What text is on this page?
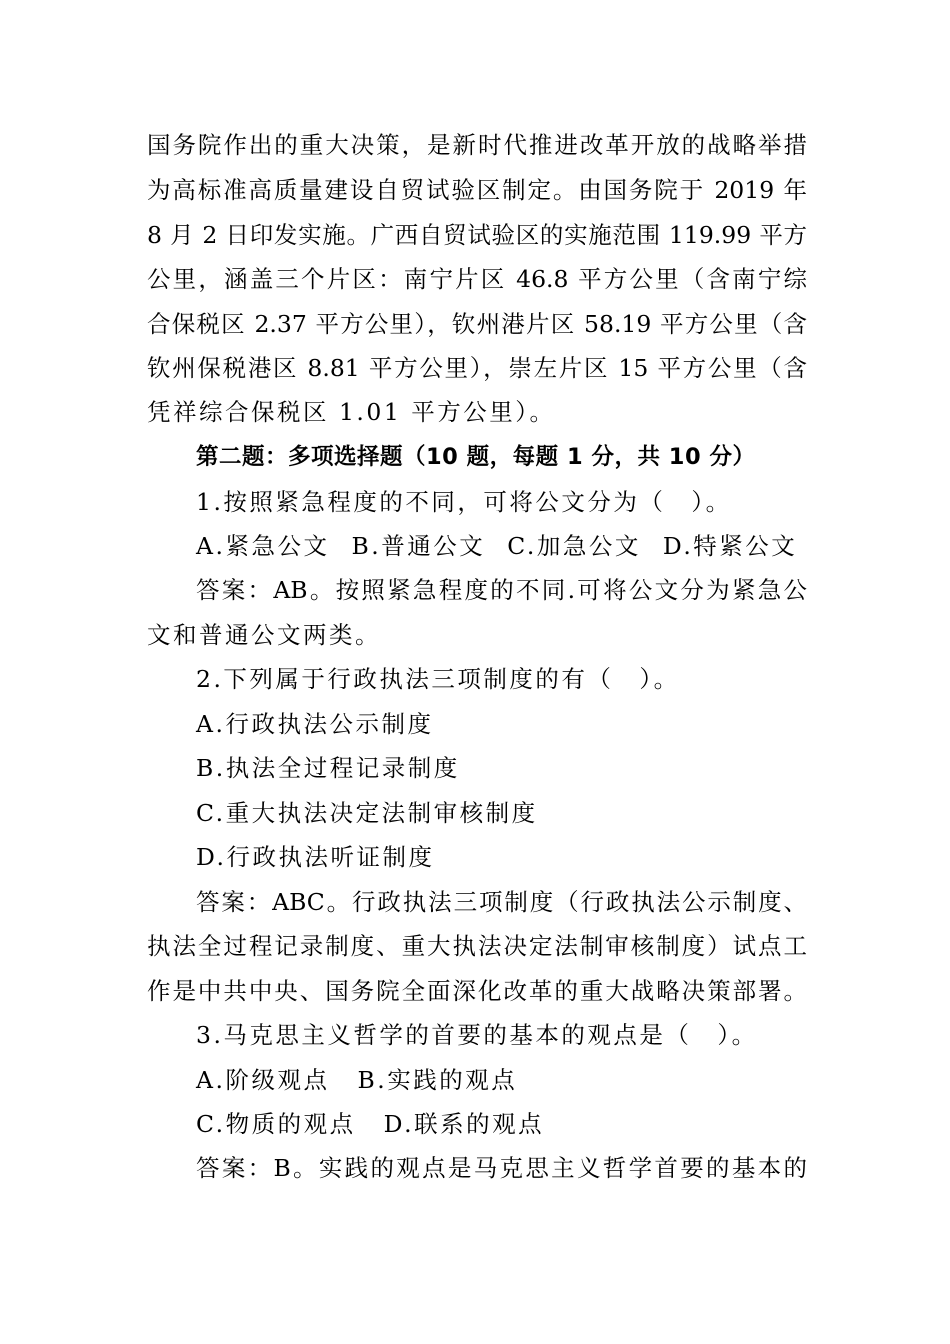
国务院作出的重大决策，是新时代推进改革开放的战略举措
为高标准高质量建设自贸试验区制定。由国务院于 2019 年
8 月 2 日印发实施。广西自贸试验区的实施范围 119.99 平方
公里，涵盖三个片区：南宁片区 46.8 平方公里（含南宁综
合保税区 2.37 平方公里），钦州港片区 58.19 平方公里（含
钦州保税港区 8.81 平方公里），崇左片区 15 平方公里（含
凭祥综合保税区 1.01 平方公里）。
第二题：多项选择题（10 题，每题 1 分，共 10 分）
1.按照紧急程度的不同，可将公文分为（　）。
A.紧急公文 B.普通公文 C.加急公文 D.特紧公文
答案：AB。按照紧急程度的不同.可将公文分为紧急公
文和普通公文两类。
2.下列属于行政执法三项制度的有（　）。
A.行政执法公示制度
B.执法全过程记录制度
C.重大执法决定法制审核制度
D.行政执法听证制度
答案：ABC。行政执法三项制度（行政执法公示制度、
执法全过程记录制度、重大执法决定法制审核制度）试点工
作是中共中央、国务院全面深化改革的重大战略决策部署。
3.马克思主义哲学的首要的基本的观点是（　）。
A.阶级观点 B.实践的观点
C.物质的观点 D.联系的观点
答案：B。实践的观点是马克思主义哲学首要的基本的
